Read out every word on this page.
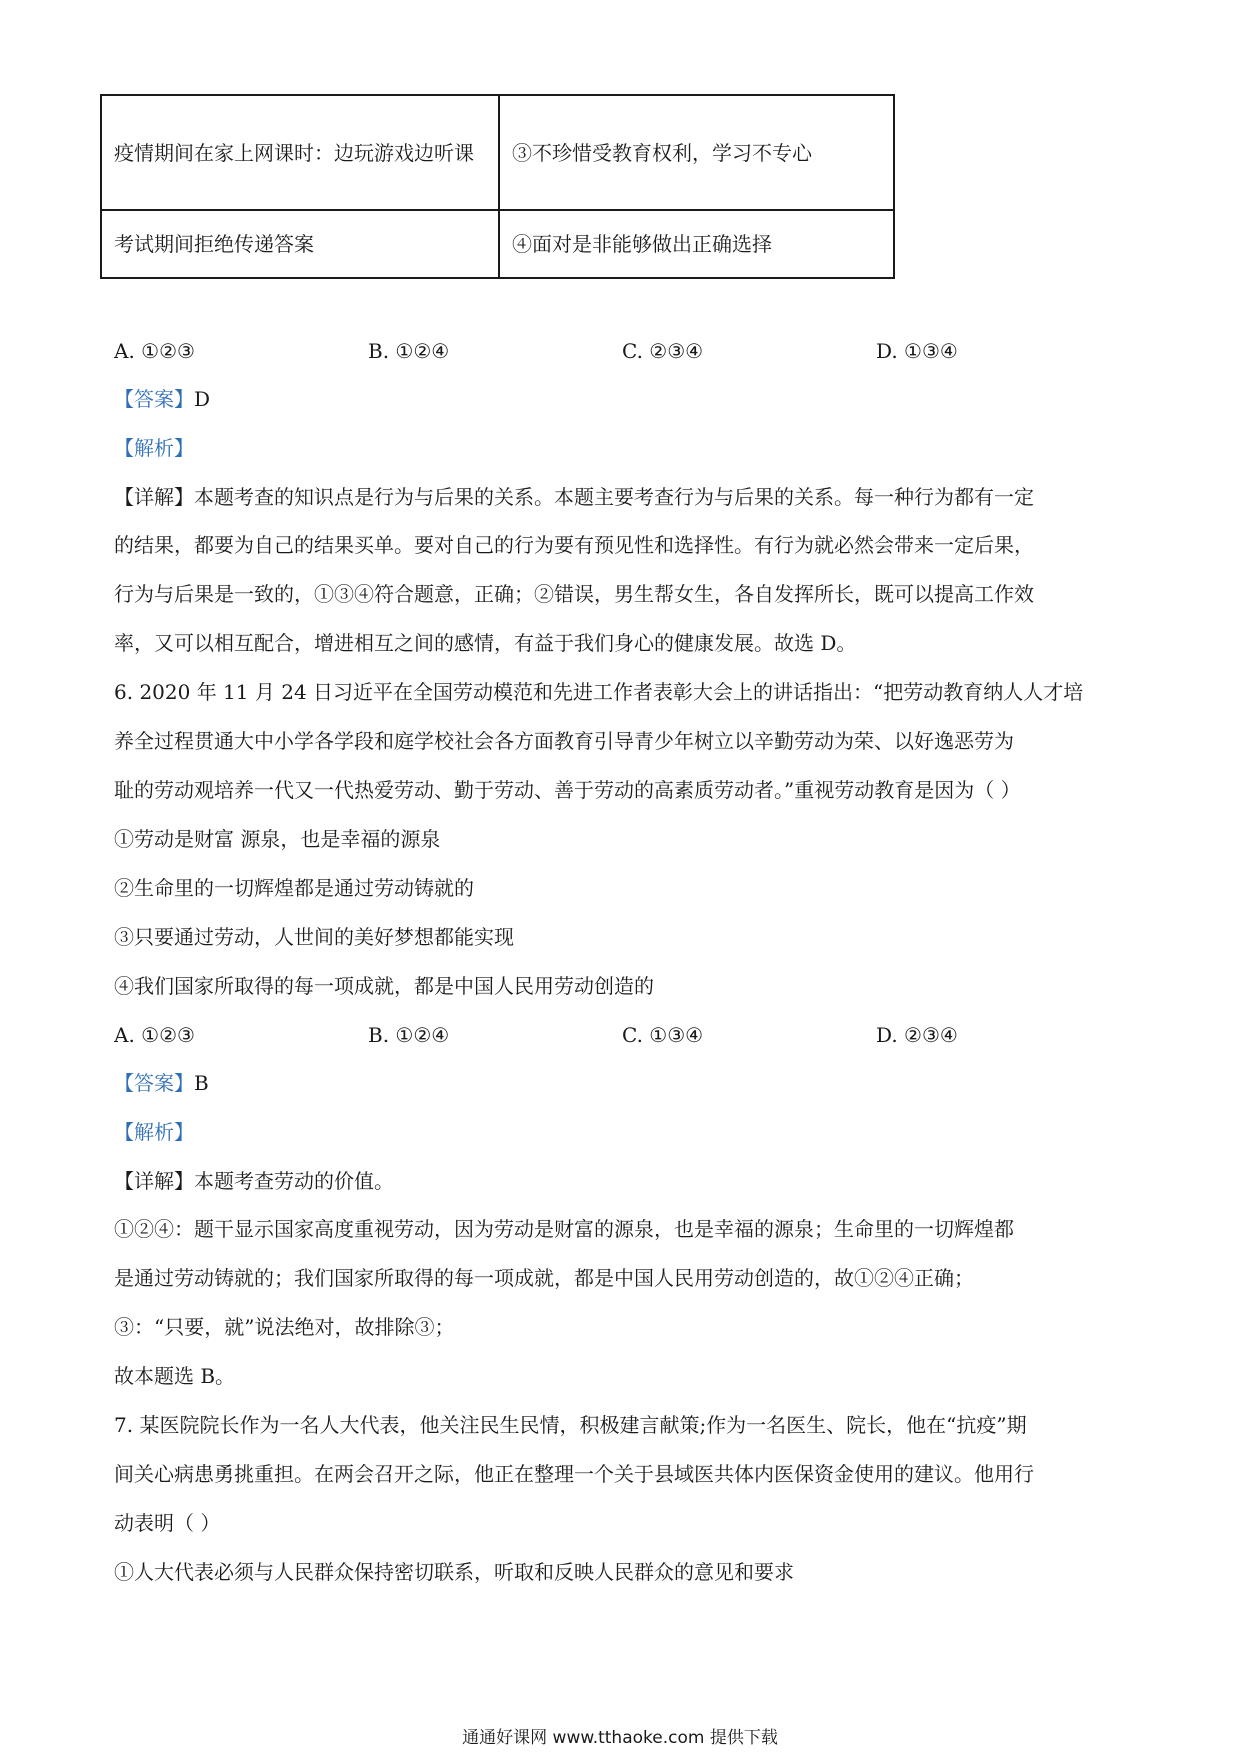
疫情期间在家上网课时：边玩游戏边听课	③不珍惜受教育权利，学习不专心
考试期间拒绝传递答案	④面对是非能够做出正确选择
A. ①②③	B. ①②④	C. ②③④	D. ①③④
【答案】D
【解析】
【详解】本题考查的知识点是行为与后果的关系。本题主要考查行为与后果的关系。每一种行为都有一定
的结果，都要为自己的结果买单。要对自己的行为要有预见性和选择性。有行为就必然会带来一定后果，
行为与后果是一致的，①③④符合题意，正确；②错误，男生帮女生，各自发挥所长，既可以提高工作效
率，又可以相互配合，增进相互之间的感情，有益于我们身心的健康发展。故选 D。
6. 2020 年 11 月 24 日习近平在全国劳动模范和先进工作者表彰大会上的讲话指出：“把劳动教育纳人人才培
养全过程贯通大中小学各学段和庭学校社会各方面教育引导青少年树立以辛勤劳动为荣、以好逸恶劳为
耻的劳动观培养一代又一代热爱劳动、勤于劳动、善于劳动的高素质劳动者。”重视劳动教育是因为（ ）
①劳动是财富 源泉，也是幸福的源泉
②生命里的一切辉煌都是通过劳动铸就的
③只要通过劳动，人世间的美好梦想都能实现
④我们国家所取得的每一项成就，都是中国人民用劳动创造的
A. ①②③	B. ①②④	C. ①③④	D. ②③④
【答案】B
【解析】
【详解】本题考查劳动的价值。
①②④：题干显示国家高度重视劳动，因为劳动是财富的源泉，也是幸福的源泉；生命里的一切辉煌都
是通过劳动铸就的；我们国家所取得的每一项成就，都是中国人民用劳动创造的，故①②④正确；
③：“只要，就”说法绝对，故排除③；
故本题选 B。
7. 某医院院长作为一名人大代表，他关注民生民情，积极建言献策;作为一名医生、院长，他在“抗疫”期
间关心病患勇挑重担。在两会召开之际，他正在整理一个关于县域医共体内医保资金使用的建议。他用行
动表明（ ）
①人大代表必须与人民群众保持密切联系，听取和反映人民群众的意见和要求
通通好课网 www.tthaoke.com 提供下载
